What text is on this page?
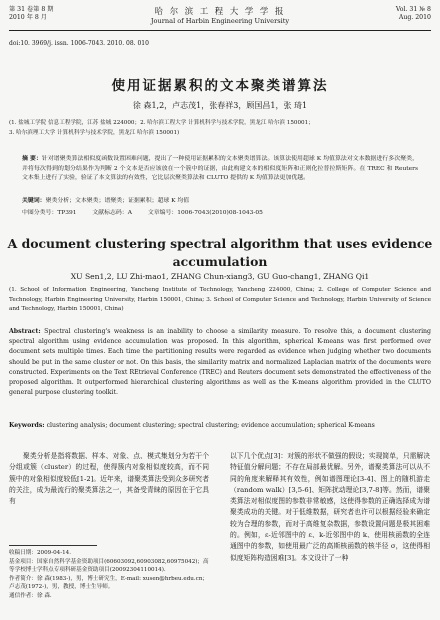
第 31 卷第 8 期
2010 年 8 月
哈 尔 滨 工 程 大 学 学 报
Journal of Harbin Engineering University
Vol. 31 № 8
Aug. 2010
doi:10. 3969/j. issn. 1006-7043. 2010. 08. 010
使用证据累积的文本聚类谱算法
徐 森1,2，卢志茂1，张春祥3，顾国昌1，张 琦1
(1. 盐城工学院 信息工程学院，江苏 盐城 224000；2. 哈尔滨工程大学 计算机科学与技术学院，黑龙江 哈尔滨 150001；
3. 哈尔滨理工大学 计算机科学与技术学院，黑龙江 哈尔滨 150001)
摘 要：针对谱聚类算法相似度函数设置困难问题，提出了一种使用证据累积的文本聚类谱算法。该算法使用超球 K 均值算法对文本数据进行多次聚类，并将每次得到的划分结果作为判断 2 个文本是否应该放在一个簇中的证据，由此构建文本的相似度矩阵和正则化拉普拉斯矩阵。在 TREC 和 Reuters 文本集上进行了实验，验证了本文算法的有效性，它比层次聚类算法和 CLUTO 提供的 K 均值算法更加优越。
关键词：聚类分析；文本聚类；谱聚类；证据累积；超球 K 均值
中图分类号：TP391	文献标志码：A	文章编号：1006-7043(2010)08-1043-05
A document clustering spectral algorithm that uses evidence accumulation
XU Sen1,2, LU Zhi-mao1, ZHANG Chun-xiang3, GU Guo-chang1, ZHANG Qi1
(1. School of Information Engineering, Yancheng Institute of Technology, Yancheng 224000, China; 2. College of Computer Science and Technology, Harbin Engineering University, Harbin 150001, China; 3. School of Computer Science and Technology, Harbin University of Science and Technology, Harbin 150001, China)
Abstract: Spectral clustering's weakness is an inability to choose a similarity measure. To resolve this, a document clustering spectral algorithm using evidence accumulation was proposed. In this algorithm, spherical K-means was first performed over document sets multiple times. Each time the partitioning results were regarded as evidence when judging whether two documents should be put in the same cluster or not. On this basis, the similarity matrix and normalized Laplacian matrix of the documents were constructed. Experiments on the Text REtrieval Conference (TREC) and Reuters document sets demonstrated the effectiveness of the proposed algorithm. It outperformed hierarchical clustering algorithms as well as the K-means algorithm provided in the CLUTO general purpose clustering toolkit.
Keywords: clustering analysis; document clustering; spectral clustering; evidence accumulation; spherical K-means

聚类分析是指将数据、样本、对象、点、模式集划分为若干个分组或簇（cluster）的过程，使得簇内对象相似度较高，而不同簇中的对象相似度较低[1-2]。近年来，谱聚类算法受到众多研究者的关注，成为最流行的聚类算法之一，其备受青睐的原因在于它具有

以下几个优点[3]：对簇的形状不做强的假设；实现简单，只需解决特征值分解问题；不存在局部最优解。另外，谱聚类算法可以从不同的角度来解释其有效性，例如谱图理论[3-4]、图上的随机游走（random walk）[3,5-6]、矩阵扰动理论[3,7-8]等。然而，谱聚类算法对相似度图的参数非常敏感，这使得参数的正确选择成为谱聚类成功的关键。对于低维数据，研究者也许可以根据经验来确定较为合理的参数，而对于高维复杂数据，参数设置问题是极其困难的。例如，ε-近邻图中的 ε、k-近邻图中的 k、使用核函数的全连通图中的参数，如使用最广泛的高斯核函数的核半径 σ，这使得相似度矩阵构造困难[3]。本文设计了一种

收稿日期：2009-04-14.
基金项目：国家自然科学基金资助项目(60603092,60903082,60975042)；高等学校博士学科点专项科研基金资助项目(20092304110014).
作者简介：徐 森(1983-)，男，博士研究生，E-mail: xusen@hrbeu.edu.cn；
卢志茂(1972-)，男，教授，博士生导师。
通信作者：徐 森.
